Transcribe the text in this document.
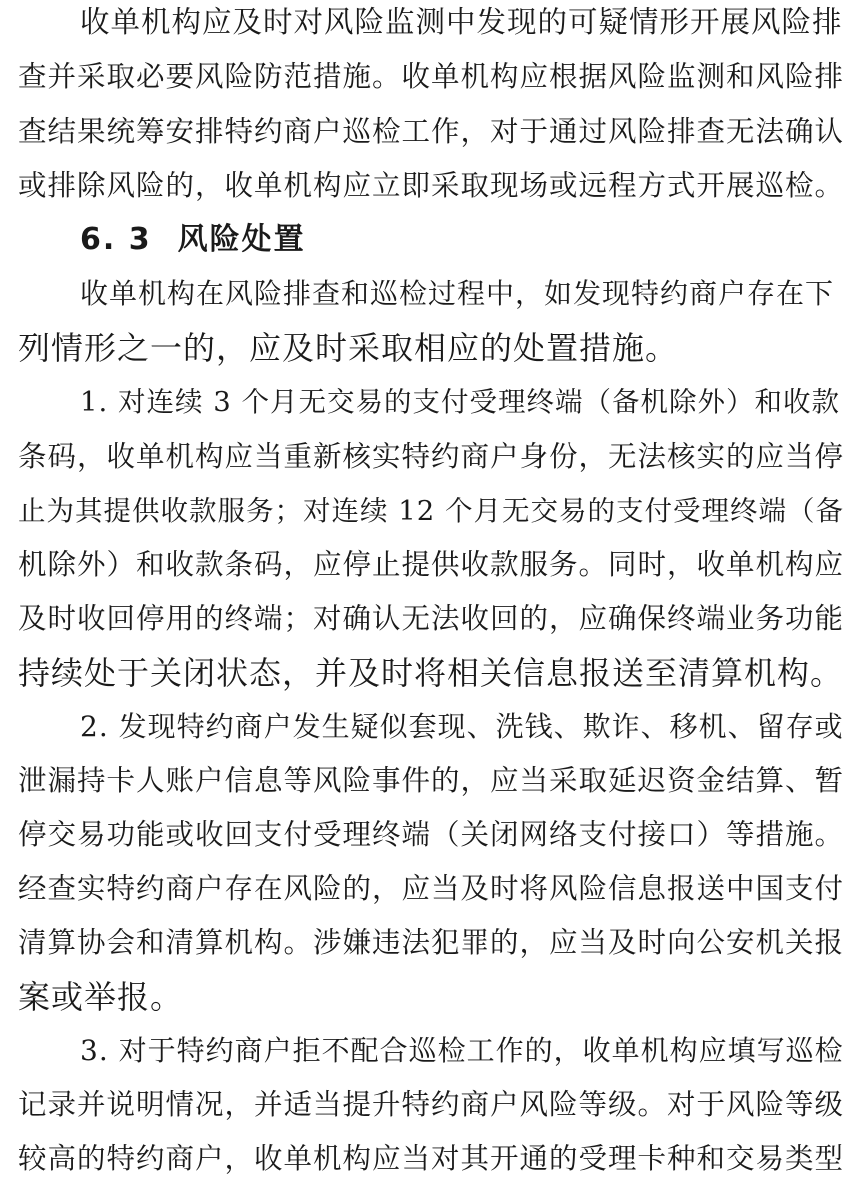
收单机构应及时对风险监测中发现的可疑情形开展风险排
查并采取必要风险防范措施。收单机构应根据风险监测和风险排
查结果统筹安排特约商户巡检工作，对于通过风险排查无法确认
或排除风险的，收单机构应立即采取现场或远程方式开展巡检。
6. 3 风险处置
收单机构在风险排查和巡检过程中，如发现特约商户存在下
列情形之一的，应及时采取相应的处置措施。
1. 对连续 3 个月无交易的支付受理终端（备机除外）和收款
条码，收单机构应当重新核实特约商户身份，无法核实的应当停
止为其提供收款服务；对连续 12 个月无交易的支付受理终端（备
机除外）和收款条码，应停止提供收款服务。同时，收单机构应
及时收回停用的终端；对确认无法收回的，应确保终端业务功能
持续处于关闭状态，并及时将相关信息报送至清算机构。
2. 发现特约商户发生疑似套现、洗钱、欺诈、移机、留存或
泄漏持卡人账户信息等风险事件的，应当采取延迟资金结算、暂
停交易功能或收回支付受理终端（关闭网络支付接口）等措施。
经查实特约商户存在风险的，应当及时将风险信息报送中国支付
清算协会和清算机构。涉嫌违法犯罪的，应当及时向公安机关报
案或举报。
3. 对于特约商户拒不配合巡检工作的，收单机构应填写巡检
记录并说明情况，并适当提升特约商户风险等级。对于风险等级
较高的特约商户，收单机构应当对其开通的受理卡种和交易类型
